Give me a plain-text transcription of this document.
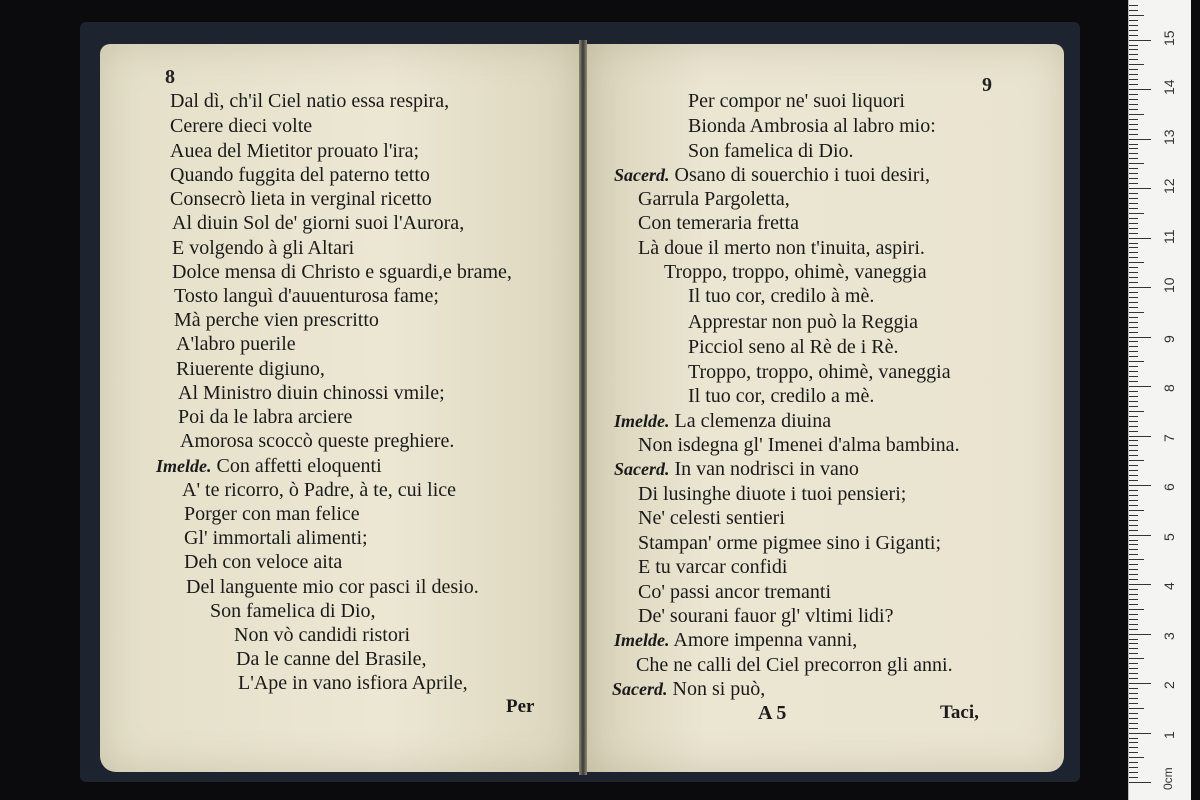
8
Dal dì, ch'il Ciel natio essa respira,
Cerere dieci volte
Auea del Mietitor prouato l'ira;
Quando fuggita del paterno tetto
Consecrò lieta in verginal ricetto
Al diuin Sol de' giorni suoi l'Aurora,
E volgendo à gli Altari
Dolce mensa di Christo e sguardi,e brame,
Tosto languì d'auuenturosa fame;
Mà perche vien prescritto
A'labro puerile
Riuerente digiuno,
Al Ministro diuin chinossi vmile;
Poi da le labra arciere
Amorosa scoccò queste preghiere.
Imelde. Con affetti eloquenti
A' te ricorro, ò Padre, à te, cui lice
Porger con man felice
Gl' immortali alimenti;
Deh con veloce aita
Del languente mio cor pasci il desio.
Son famelica di Dio,
Non vò candidi ristori
Da le canne del Brasile,
L'Ape in vano isfiora Aprile,
Per
9
Per compor ne' suoi liquori
Bionda Ambrosia al labro mio:
Son famelica di Dio.
Sacerd. Osano di souerchio i tuoi desiri,
Garrula Pargoletta,
Con temeraria fretta
Là doue il merto non t'inuita, aspiri.
Troppo, troppo, ohimè, vaneggia
Il tuo cor, credilo à mè.
Apprestar non può la Reggia
Picciol seno al Rè de i Rè.
Troppo, troppo, ohimè, vaneggia
Il tuo cor, credilo a mè.
Imelde. La clemenza diuina
Non isdegna gl' Imenei d'alma bambina.
Sacerd. In van nodrisci in vano
Di lusinghe diuote i tuoi pensieri;
Ne' celesti sentieri
Stampan' orme pigmee sino i Giganti;
E tu varcar confidi
Co' passi ancor tremanti
De' sourani fauor gl' vltimi lidi?
Imelde. Amore impenna vanni,
Che ne calli del Ciel precorron gli anni.
Sacerd. Non si può,
A 5	Taci,
1
2
3
4
5
6
7
8
9
10
11
12
13
14
15
0cm
